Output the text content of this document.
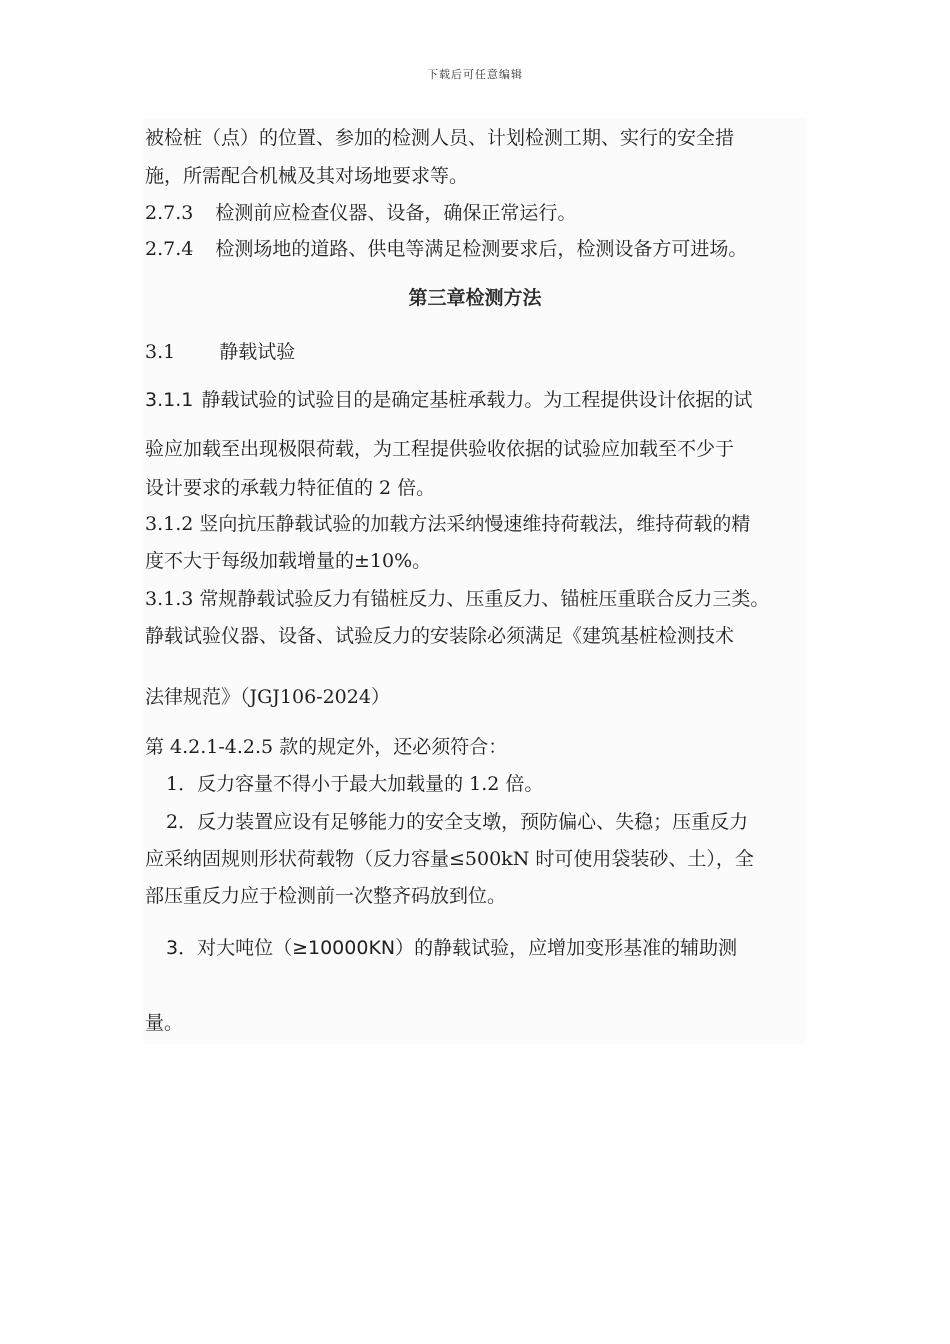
下载后可任意编辑
被检桩（点）的位置、参加的检测人员、计划检测工期、实行的安全措
施，所需配合机械及其对场地要求等。
2.7.3 检测前应检查仪器、设备，确保正常运行。
2.7.4 检测场地的道路、供电等满足检测要求后，检测设备方可进场。
第三章检测方法
3.1 静载试验
3.1.1 静载试验的试验目的是确定基桩承载力。为工程提供设计依据的试
验应加载至出现极限荷载，为工程提供验收依据的试验应加载至不少于
设计要求的承载力特征值的 2 倍。
3.1.2 竖向抗压静载试验的加载方法采纳慢速维持荷载法，维持荷载的精
度不大于每级加载增量的±10%。
3.1.3 常规静载试验反力有锚桩反力、压重反力、锚桩压重联合反力三类。
静载试验仪器、设备、试验反力的安装除必须满足《建筑基桩检测技术
法律规范》（JGJ106-2024）
第 4.2.1-4.2.5 款的规定外，还必须符合：
1．反力容量不得小于最大加载量的 1.2 倍。
2．反力装置应设有足够能力的安全支墩，预防偏心、失稳；压重反力
应采纳固规则形状荷载物（反力容量≤500kN 时可使用袋装砂、土），全
部压重反力应于检测前一次整齐码放到位。
3．对大吨位（≥10000KN）的静载试验，应增加变形基准的辅助测
量。
